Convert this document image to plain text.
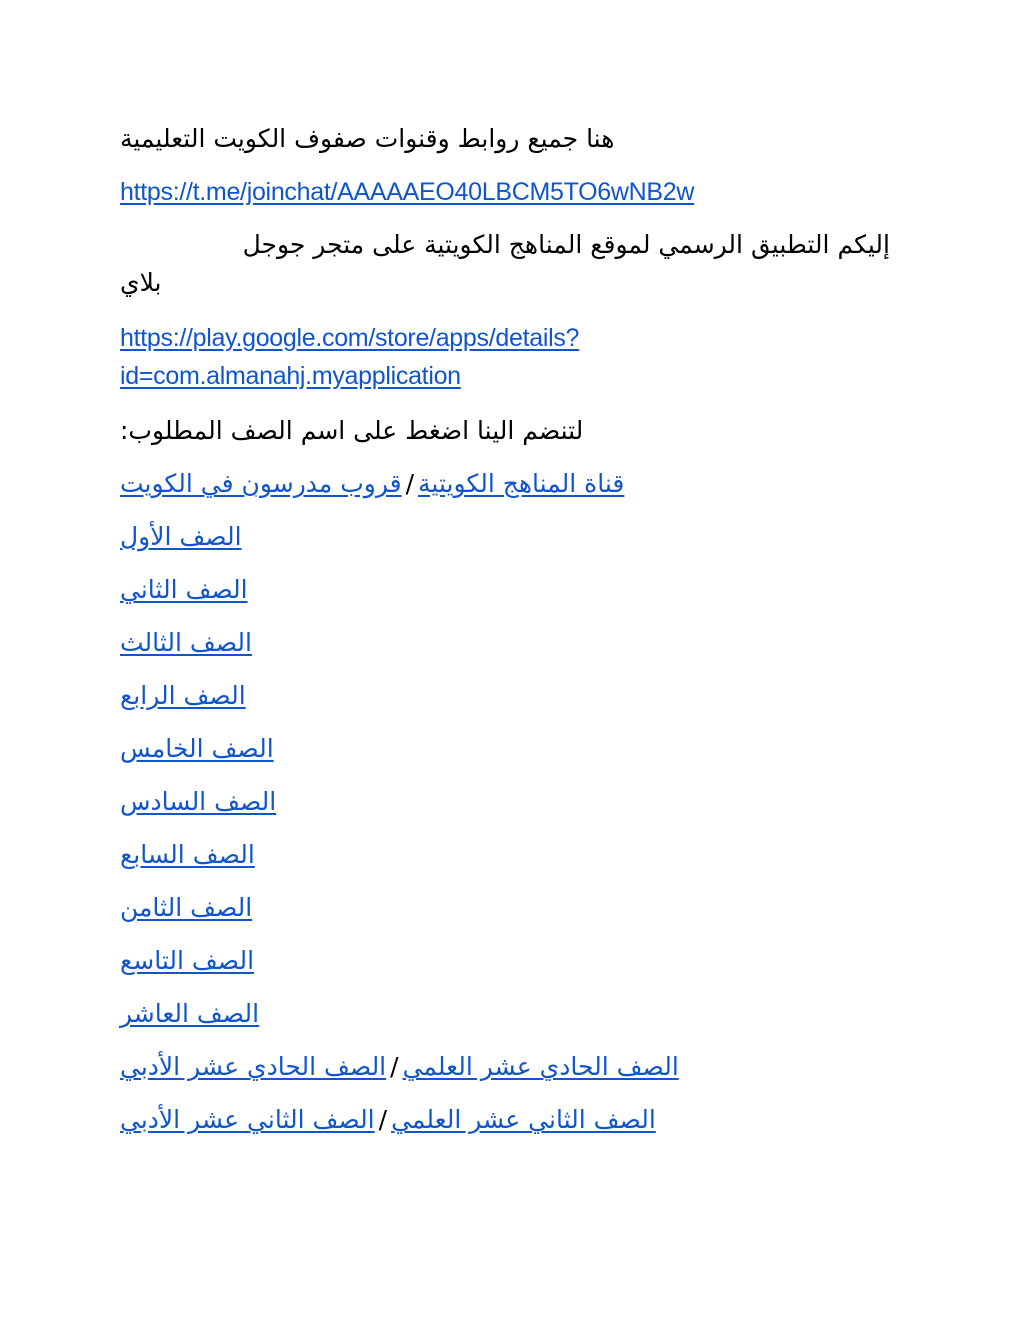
هنا جميع روابط وقنوات صفوف الكويت التعليمية
https://t.me/joinchat/AAAAAEO40LBCM5TO6wNB2w
إليكم التطبيق الرسمي لموقع المناهج الكويتية على متجر جوجل
بلاي
https://play.google.com/store/apps/details?
id=com.almanahj.myapplication
لتنضم الينا اضغط على اسم الصف المطلوب:
قناة المناهج الكويتية/قروب مدرسون في الكويت
الصف الأول
الصف الثاني
الصف الثالث
الصف الرابع
الصف الخامس
الصف السادس
الصف السابع
الصف الثامن
الصف التاسع
الصف العاشر
الصف الحادي عشر العلمي/الصف الحادي عشر الأدبي
الصف الثاني عشر العلمي/الصف الثاني عشر الأدبي
